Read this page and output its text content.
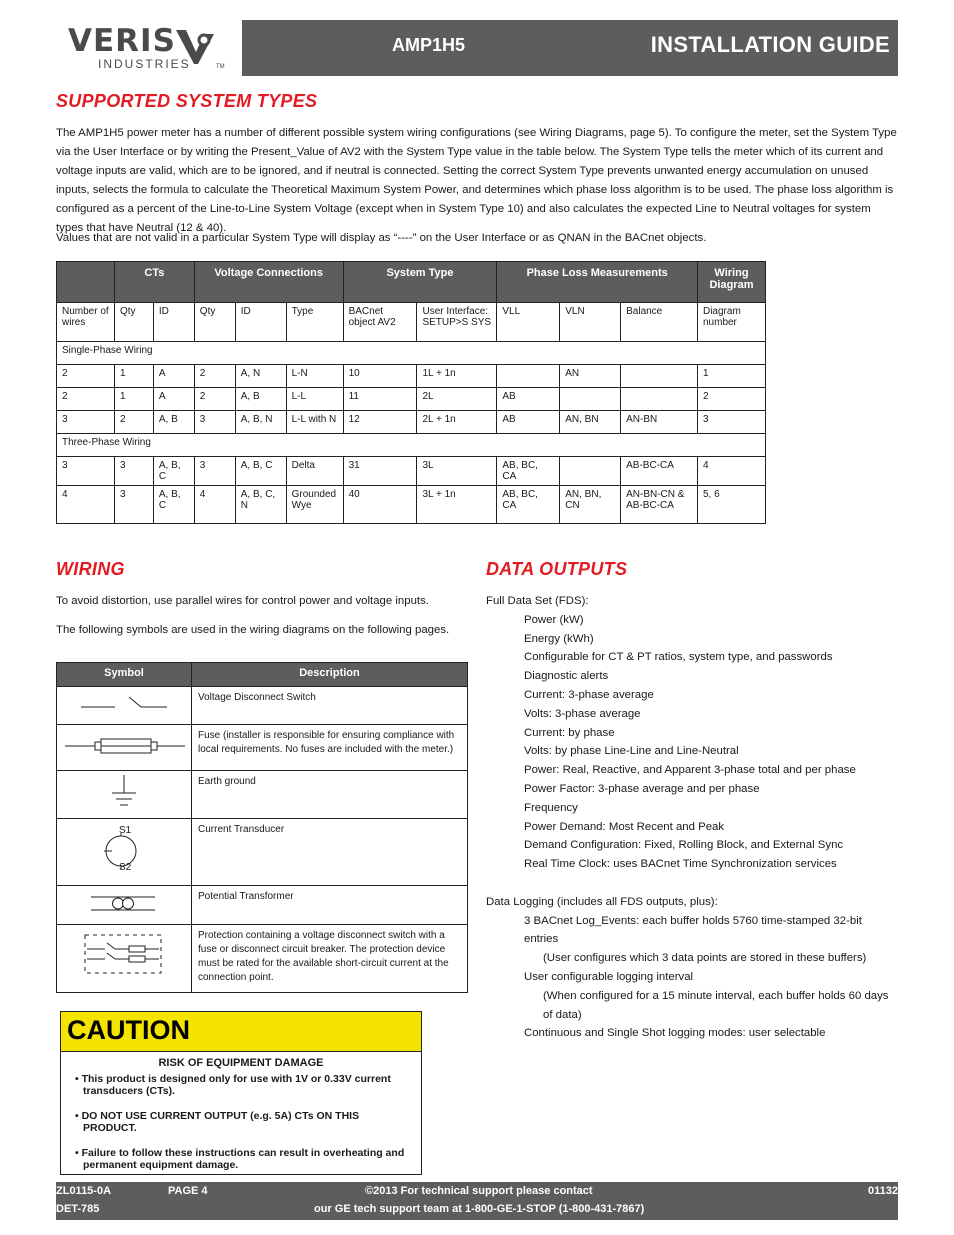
VERIS
INDUSTRIES	TM
AMP1H5	INSTALLATION GUIDE
SUPPORTED SYSTEM TYPES
The AMP1H5 power meter has a number of different possible system wiring configurations (see Wiring Diagrams, page 5). To configure the meter, set the System Type via the User Interface or by writing the Present_Value of AV2 with the System Type value in the table below. The System Type tells the meter which of its current and voltage inputs are valid, which are to be ignored, and if neutral is connected. Setting the correct System Type prevents unwanted energy accumulation on unused inputs, selects the formula to calculate the Theoretical Maximum System Power, and determines which phase loss algorithm is to be used. The phase loss algorithm is configured as a percent of the Line-to-Line System Voltage (except when in System Type 10) and also calculates the expected Line to Neutral voltages for system types that have Neutral (12 & 40).
Values that are not valid in a particular System Type will display as “----” on the User Interface or as QNAN in the BACnet objects.
	CTs		Voltage Connections			System Type		Phase Loss Measurements			Wiring Diagram
Number of wires	Qty	ID	Qty	ID	Type	BACnet object AV2	User Interface: SETUP>S SYS	VLL	VLN	Balance	Diagram number
Single-Phase Wiring											
2	1	A	2	A, N	L-N	10	1L + 1n		AN		1
2	1	A	2	A, B	L-L	11	2L	AB			2
3	2	A, B	3	A, B, N	L-L with N	12	2L + 1n	AB	AN, BN	AN-BN	3
Three-Phase Wiring											
3	3	A, B, C	3	A, B, C	Delta	31	3L	AB, BC, CA		AB-BC-CA	4
4	3	A, B, C	4	A, B, C, N	Grounded Wye	40	3L + 1n	AB, BC, CA	AN, BN, CN	AN-BN-CN & AB-BC-CA	5, 6
WIRING
To avoid distortion, use parallel wires for control power and voltage inputs.
The following symbols are used in the wiring diagrams on the following pages.
Symbol	Description
	Voltage Disconnect Switch
	Fuse (installer is responsible for ensuring compliance with local requirements. No fuses are included with the meter.)
	Earth ground

S1
S2	Current Transducer
	Potential Transformer
	Protection containing a voltage disconnect switch with a fuse or disconnect circuit breaker. The protection device must be rated for the available short-circuit current at the connection point.
CAUTION
RISK OF EQUIPMENT DAMAGE
• This product is designed only for use with 1V or 0.33V current transducers (CTs).
• DO NOT USE CURRENT OUTPUT (e.g. 5A) CTs ON THIS PRODUCT.
• Failure to follow these instructions can result in overheating and permanent equipment damage.
DATA OUTPUTS
Full Data Set (FDS):
Power (kW)
Energy (kWh)
Configurable for CT & PT ratios, system type, and passwords
Diagnostic alerts
Current: 3-phase average
Volts: 3-phase average
Current: by phase
Volts: by phase Line-Line and Line-Neutral
Power: Real, Reactive, and Apparent 3-phase total and per phase
Power Factor: 3-phase average and per phase
Frequency
Power Demand: Most Recent and Peak
Demand Configuration: Fixed, Rolling Block, and External Sync
Real Time Clock: uses BACnet Time Synchronization services
Data Logging (includes all FDS outputs, plus):
3 BACnet Log_Events: each buffer holds 5760 time-stamped 32-bit entries
(User configures which 3 data points are stored in these buffers)
User configurable logging interval
(When configured for a 15 minute interval, each buffer holds 60 days of data)
Continuous and Single Shot logging modes: user selectable
ZL0115-0A	PAGE 4	©2013 For technical support please contact	01132
DET-785	our GE tech support team at 1-800-GE-1-STOP (1-800-431-7867)
